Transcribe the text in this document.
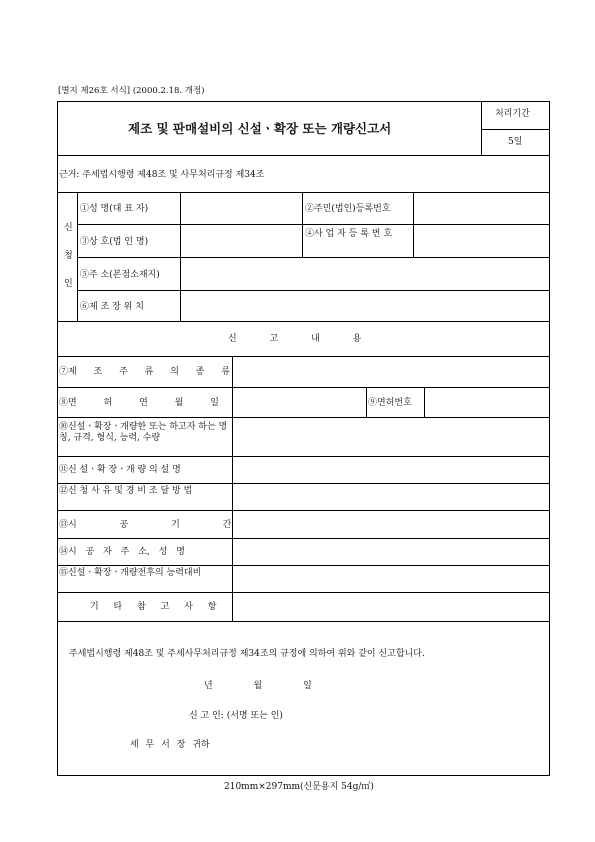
[별지 제26호 서식] (2000.2.18. 개정)
제조 및 판매설비의 신설ㆍ확장 또는 개량신고서
처리기간
5일
근거: 주세법시행령 제48조 및 사무처리규정 제34조
신
청
인
①성 명(대 표 자)	②주민(법인)등록번호
③상 호(법 인 명)
④사 업 자 등 록 번 호
⑤주 소(본점소재지)
⑥제 조 장 위 치
신 고 내 용
⑦제 조 주 류 의 종 류
⑧면 허 연 월 일	⑨면허번호
⑩신설ㆍ확장ㆍ개량한 또는 하고자 하는 명칭, 규격, 형식, 능력, 수량
⑪신 설ㆍ확 장ㆍ개 량 의 설 명
⑫신 청 사 유 및 경 비 조 달 방 법
⑬시 공 기 간
⑭시 공 자 주 소, 성 명
⑮신설ㆍ확장ㆍ개량전후의 능력대비
기 타 참 고 사 항
주세법시행령 제48조 및 주세사무처리규정 제34조의 규정에 의하여 위와 같이 신고합니다.
년 월 일
신 고 인: (서명 또는 인)
세 무 서 장 귀하
210mm×297mm(신문용지 54g/㎡)
